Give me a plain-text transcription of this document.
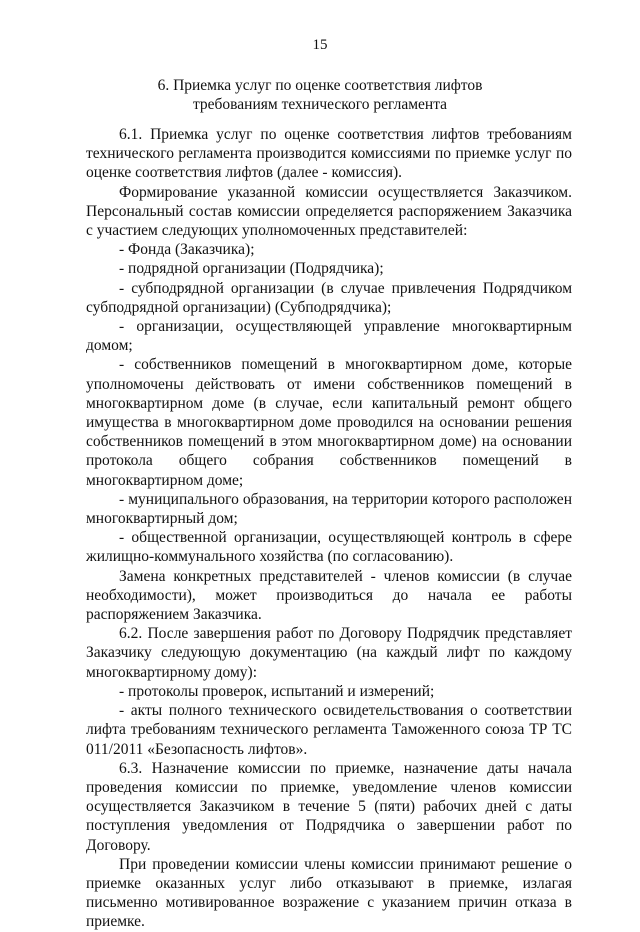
15
6. Приемка услуг по оценке соответствия лифтов
требованиям технического регламента

6.1. Приемка услуг по оценке соответствия лифтов требованиям технического регламента производится комиссиями по приемке услуг по оценке соответствия лифтов (далее - комиссия).

Формирование указанной комиссии осуществляется Заказчиком. Персональный состав комиссии определяется распоряжением Заказчика с участием следующих уполномоченных представителей:

- Фонда (Заказчика);

- подрядной организации (Подрядчика);

- субподрядной организации (в случае привлечения Подрядчиком субподрядной организации) (Субподрядчика);

- организации, осуществляющей управление многоквартирным домом;

- собственников помещений в многоквартирном доме, которые уполномочены действовать от имени собственников помещений в многоквартирном доме (в случае, если капитальный ремонт общего имущества в многоквартирном доме проводился на основании решения собственников помещений в этом многоквартирном доме) на основании протокола общего собрания собственников помещений в многоквартирном доме;

- муниципального образования, на территории которого расположен многоквартирный дом;

- общественной организации, осуществляющей контроль в сфере жилищно-коммунального хозяйства (по согласованию).

Замена конкретных представителей - членов комиссии (в случае необходимости), может производиться до начала ее работы распоряжением Заказчика.

6.2. После завершения работ по Договору Подрядчик представляет Заказчику следующую документацию (на каждый лифт по каждому многоквартирному дому):

- протоколы проверок, испытаний и измерений;

- акты полного технического освидетельствования о соответствии лифта требованиям технического регламента Таможенного союза ТР ТС 011/2011 «Безопасность лифтов».

6.3. Назначение комиссии по приемке, назначение даты начала проведения комиссии по приемке, уведомление членов комиссии осуществляется Заказчиком в течение 5 (пяти) рабочих дней с даты поступления уведомления от Подрядчика о завершении работ по Договору.

При проведении комиссии члены комиссии принимают решение о приемке оказанных услуг либо отказывают в приемке, излагая письменно мотивированное возражение с указанием причин отказа в приемке.
